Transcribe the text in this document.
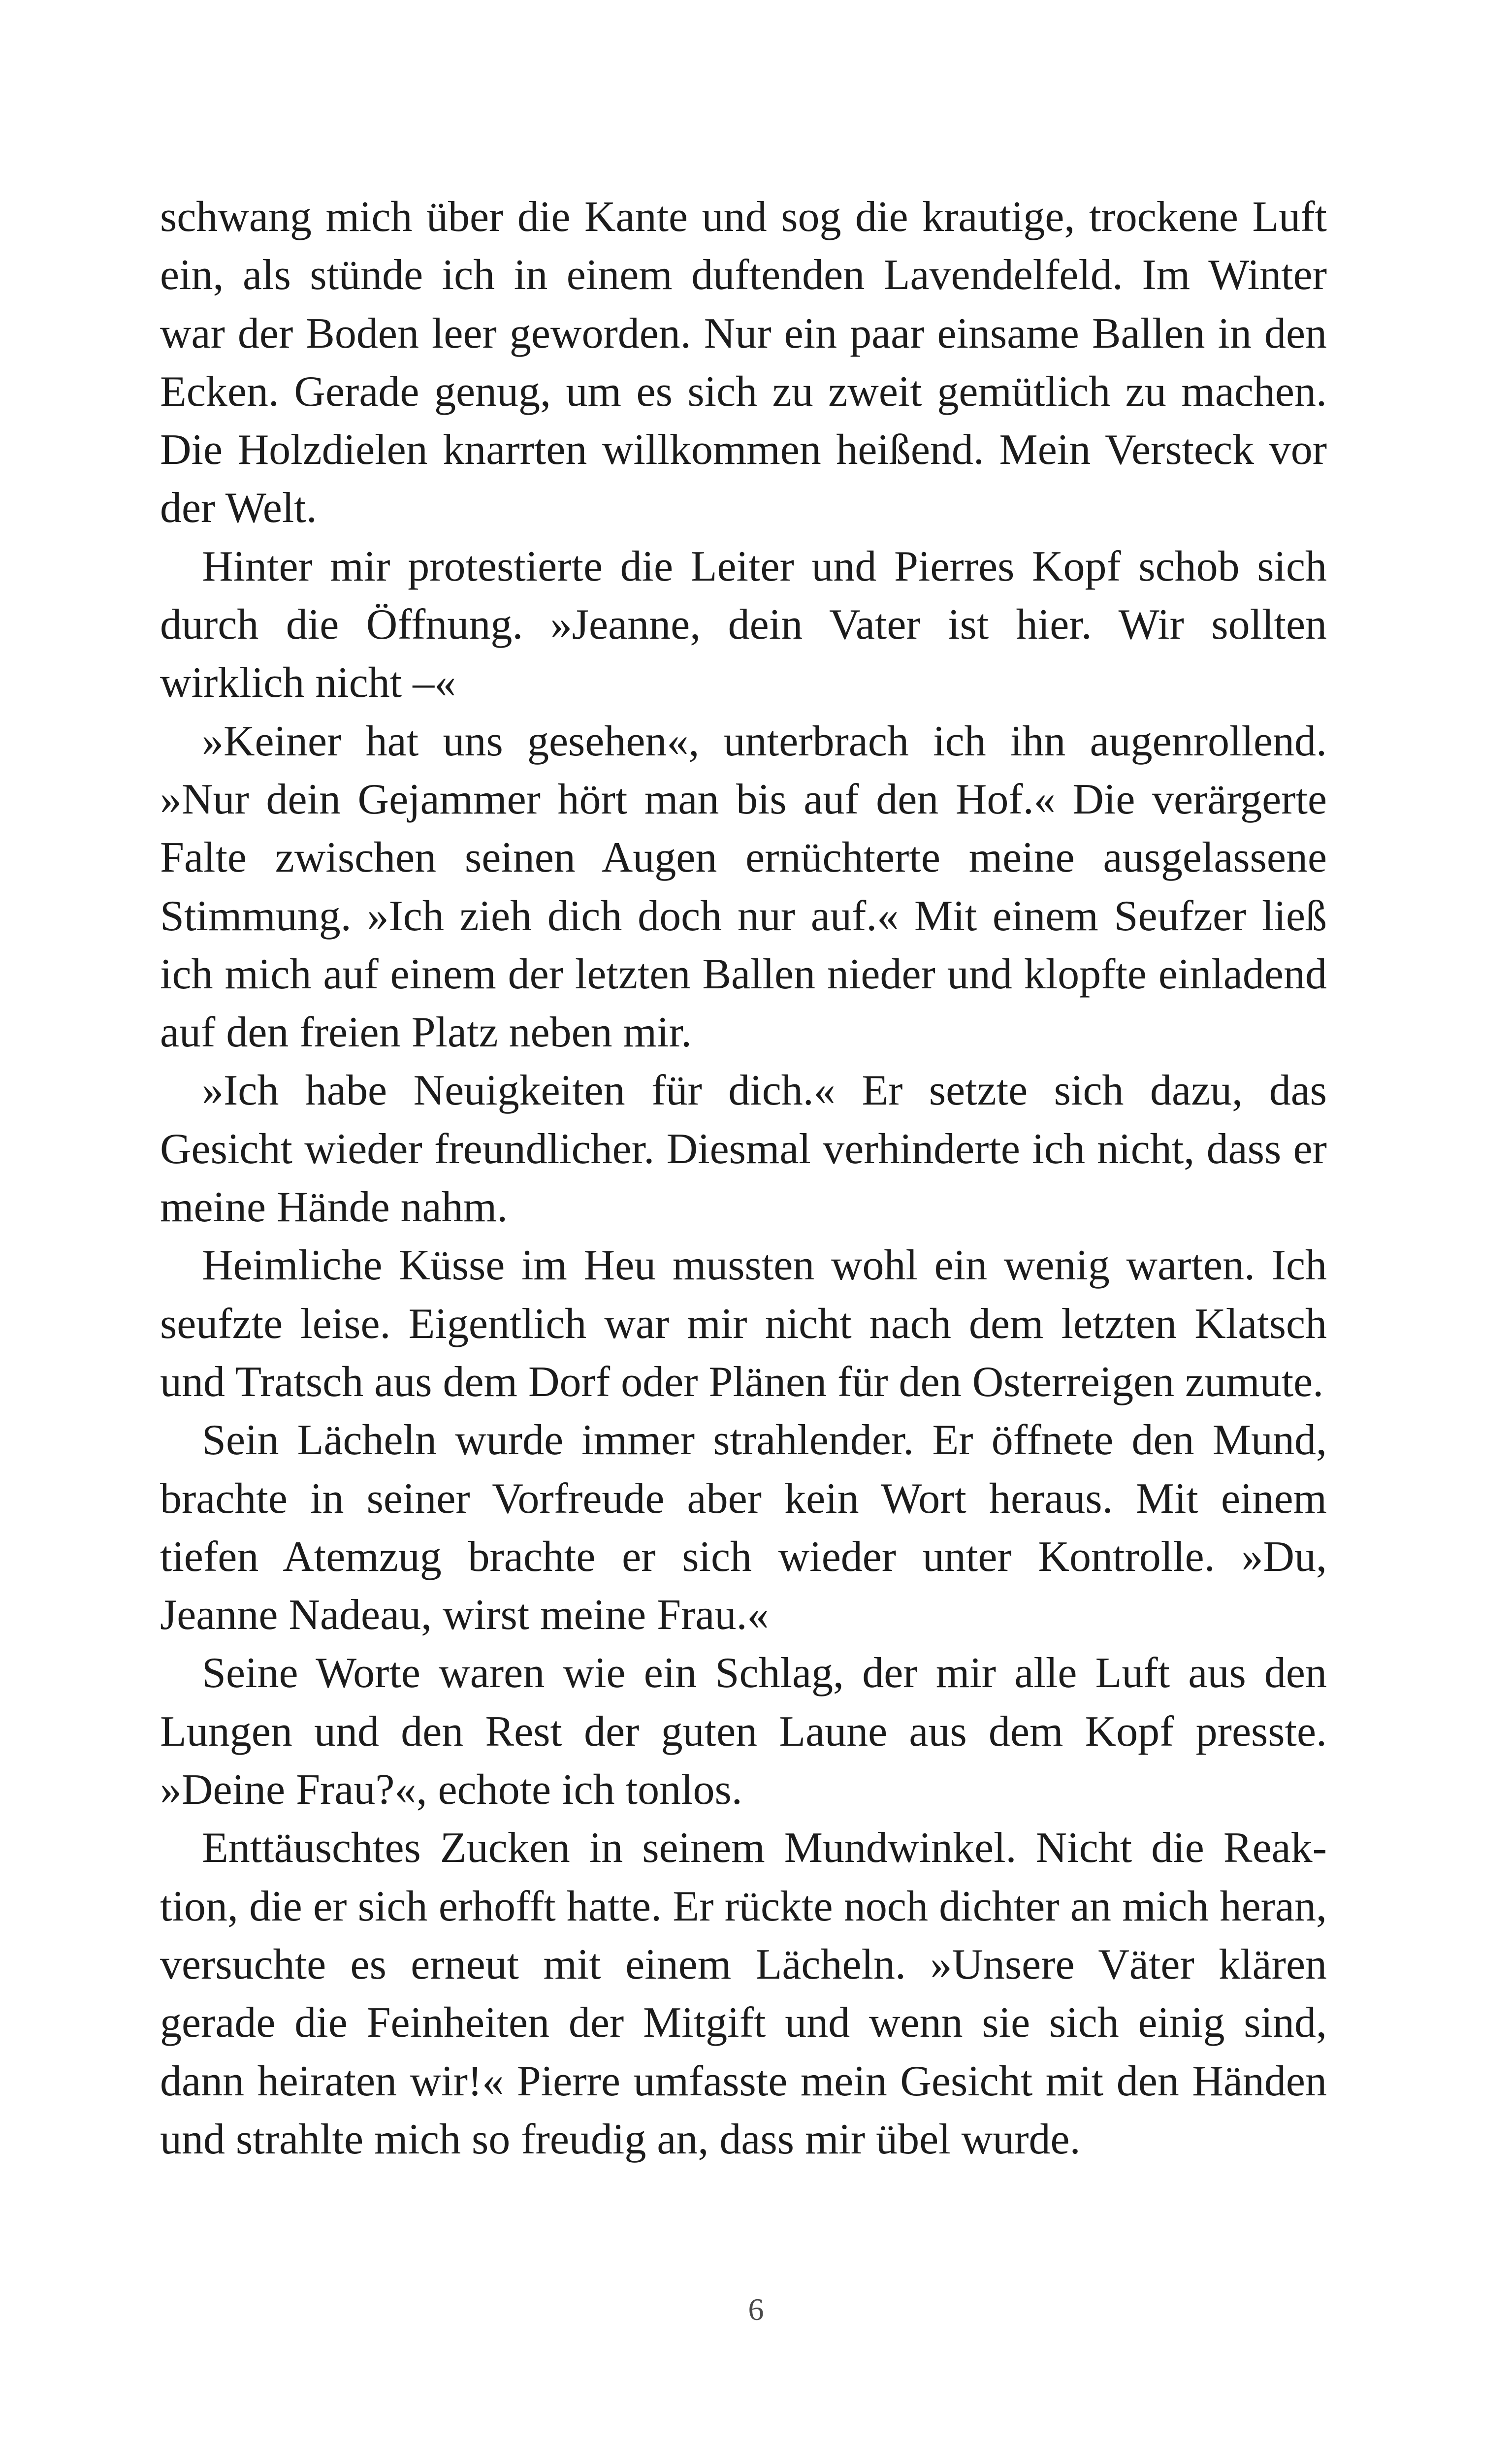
schwang mich über die Kante und sog die krautige, trockene Luft ein, als stünde ich in einem duftenden Lavendelfeld. Im Winter war der Boden leer geworden. Nur ein paar einsame Ballen in den Ecken. Gerade genug, um es sich zu zweit gemütlich zu machen. Die Holzdielen knarrten willkommen heißend. Mein Versteck vor der Welt.

Hinter mir protestierte die Leiter und Pierres Kopf schob sich durch die Öffnung. »Jeanne, dein Vater ist hier. Wir sollten wirklich nicht –«

»Keiner hat uns gesehen«, unterbrach ich ihn augenrollend. »Nur dein Gejammer hört man bis auf den Hof.« Die verärgerte Falte zwischen seinen Augen ernüchterte meine ausgelassene Stimmung. »Ich zieh dich doch nur auf.« Mit einem Seufzer ließ ich mich auf einem der letzten Ballen nieder und klopfte einladend auf den freien Platz neben mir.

»Ich habe Neuigkeiten für dich.« Er setzte sich dazu, das Gesicht wieder freundlicher. Diesmal verhinderte ich nicht, dass er meine Hände nahm.

Heimliche Küsse im Heu mussten wohl ein wenig warten. Ich seufzte leise. Eigentlich war mir nicht nach dem letzten Klatsch und Tratsch aus dem Dorf oder Plänen für den Osterreigen zumute.

Sein Lächeln wurde immer strahlender. Er öffnete den Mund, brachte in seiner Vorfreude aber kein Wort heraus. Mit einem tiefen Atemzug brachte er sich wieder unter Kontrolle. »Du, Jeanne Nadeau, wirst meine Frau.«

Seine Worte waren wie ein Schlag, der mir alle Luft aus den Lungen und den Rest der guten Laune aus dem Kopf presste. »Deine Frau?«, echote ich tonlos.

Enttäuschtes Zucken in seinem Mundwinkel. Nicht die Reaktion, die er sich erhofft hatte. Er rückte noch dichter an mich heran, versuchte es erneut mit einem Lächeln. »Unsere Väter klären gerade die Feinheiten der Mitgift und wenn sie sich einig sind, dann heiraten wir!« Pierre umfasste mein Gesicht mit den Händen und strahlte mich so freudig an, dass mir übel wurde.

6
